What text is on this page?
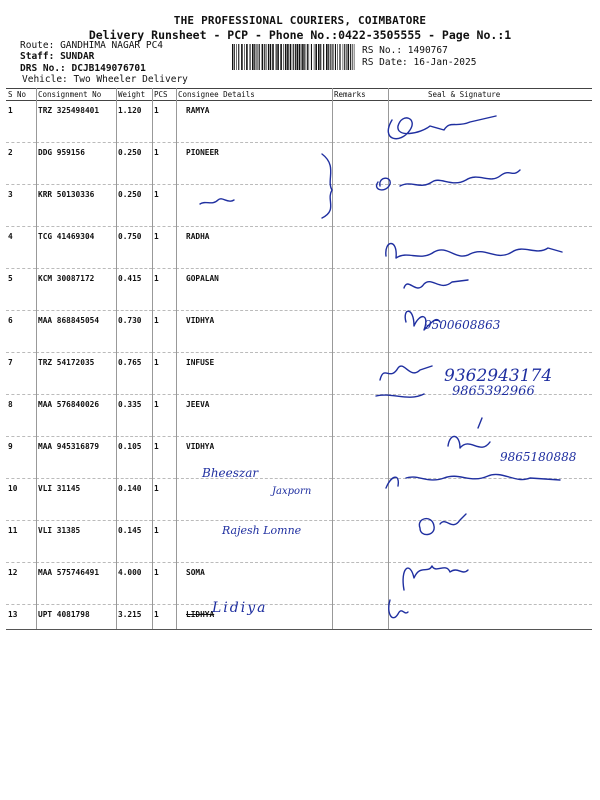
THE PROFESSIONAL COURIERS, COIMBATORE
Delivery Runsheet - PCP - Phone No.:0422-3505555 - Page No.:1
Route: GANDHIMA NAGAR PC4
Staff: SUNDAR
DRS No.: DCJB149076701
Vehicle: Two Wheeler Delivery
RS No.: 1490767
RS Date: 16-Jan-2025
S No	Consignment No	Weight	PCS	Consignee Details	Remarks	Seal & Signature
1	TRZ 325498401	1.120	1	RAMYA		
2	DDG 959156	0.250	1	PIONEER		
3	KRR 50130336	0.250	1			
4	TCG 41469304	0.750	1	RADHA		
5	KCM 30087172	0.415	1	GOPALAN		
6	MAA 868845054	0.730	1	VIDHYA		
7	TRZ 54172035	0.765	1	INFUSE		
8	MAA 576840026	0.335	1	JEEVA		
9	MAA 945316879	0.105	1	VIDHYA		
10	VLI 31145	0.140	1			
11	VLI 31385	0.145	1			
12	MAA 575746491	4.000	1	SOMA		
13	UPT 4081798	3.215	1	LIDHYA		
Bheeszar
Jaxporn
Rajesh Lomne
Lidiya
9500608863
9362943174
9865392966
9865180888
